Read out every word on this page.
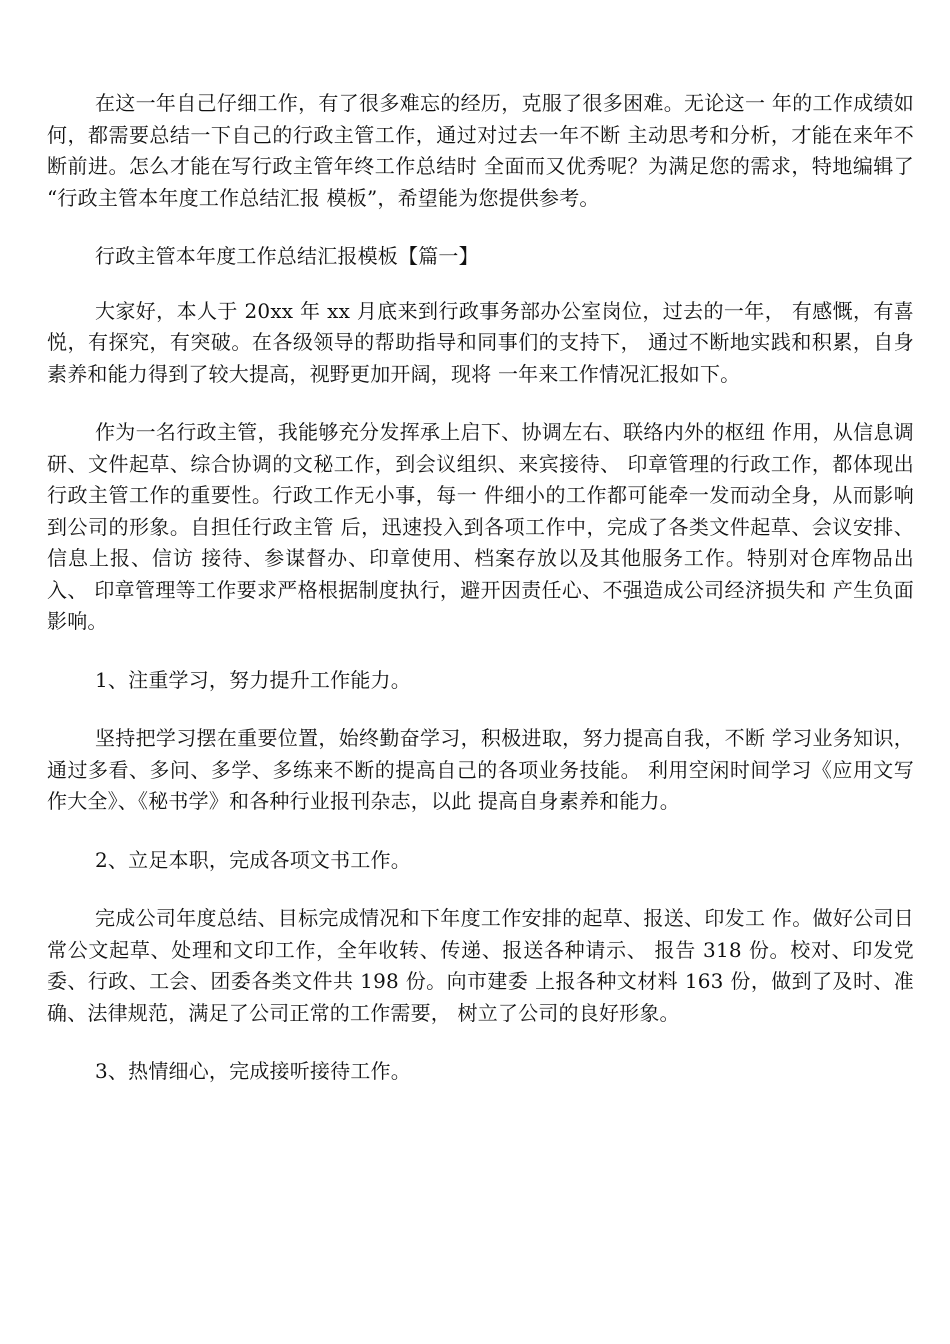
在这一年自己仔细工作，有了很多难忘的经历，克服了很多困难。无论这一 年的工作成绩如何，都需要总结一下自己的行政主管工作，通过对过去一年不断 主动思考和分析，才能在来年不断前进。怎么才能在写行政主管年终工作总结时 全面而又优秀呢？为满足您的需求，特地编辑了 “行政主管本年度工作总结汇报 模板”，希望能为您提供参考。

行政主管本年度工作总结汇报模板【篇一】

大家好，本人于 20xx 年 xx 月底来到行政事务部办公室岗位，过去的一年， 有感慨，有喜悦，有探究，有突破。在各级领导的帮助指导和同事们的支持下， 通过不断地实践和积累，自身素养和能力得到了较大提高，视野更加开阔，现将 一年来工作情况汇报如下。

作为一名行政主管，我能够充分发挥承上启下、协调左右、联络内外的枢纽 作用，从信息调研、文件起草、综合协调的文秘工作，到会议组织、来宾接待、 印章管理的行政工作，都体现出行政主管工作的重要性。行政工作无小事，每一 件细小的工作都可能牵一发而动全身，从而影响到公司的形象。自担任行政主管 后，迅速投入到各项工作中，完成了各类文件起草、会议安排、信息上报、信访 接待、参谋督办、印章使用、档案存放以及其他服务工作。特别对仓库物品出入、 印章管理等工作要求严格根据制度执行，避开因责任心、不强造成公司经济损失和 产生负面影响。

1、注重学习，努力提升工作能力。

坚持把学习摆在重要位置，始终勤奋学习，积极进取，努力提高自我，不断 学习业务知识，通过多看、多问、多学、多练来不断的提高自己的各项业务技能。 利用空闲时间学习《应用文写作大全》、《秘书学》和各种行业报刊杂志，以此 提高自身素养和能力。

2、立足本职，完成各项文书工作。

完成公司年度总结、目标完成情况和下年度工作安排的起草、报送、印发工 作。做好公司日常公文起草、处理和文印工作，全年收转、传递、报送各种请示、 报告 318 份。校对、印发党委、行政、工会、团委各类文件共 198 份。向市建委 上报各种文材料 163 份，做到了及时、准确、法律规范，满足了公司正常的工作需要， 树立了公司的良好形象。

3、热情细心，完成接听接待工作。
